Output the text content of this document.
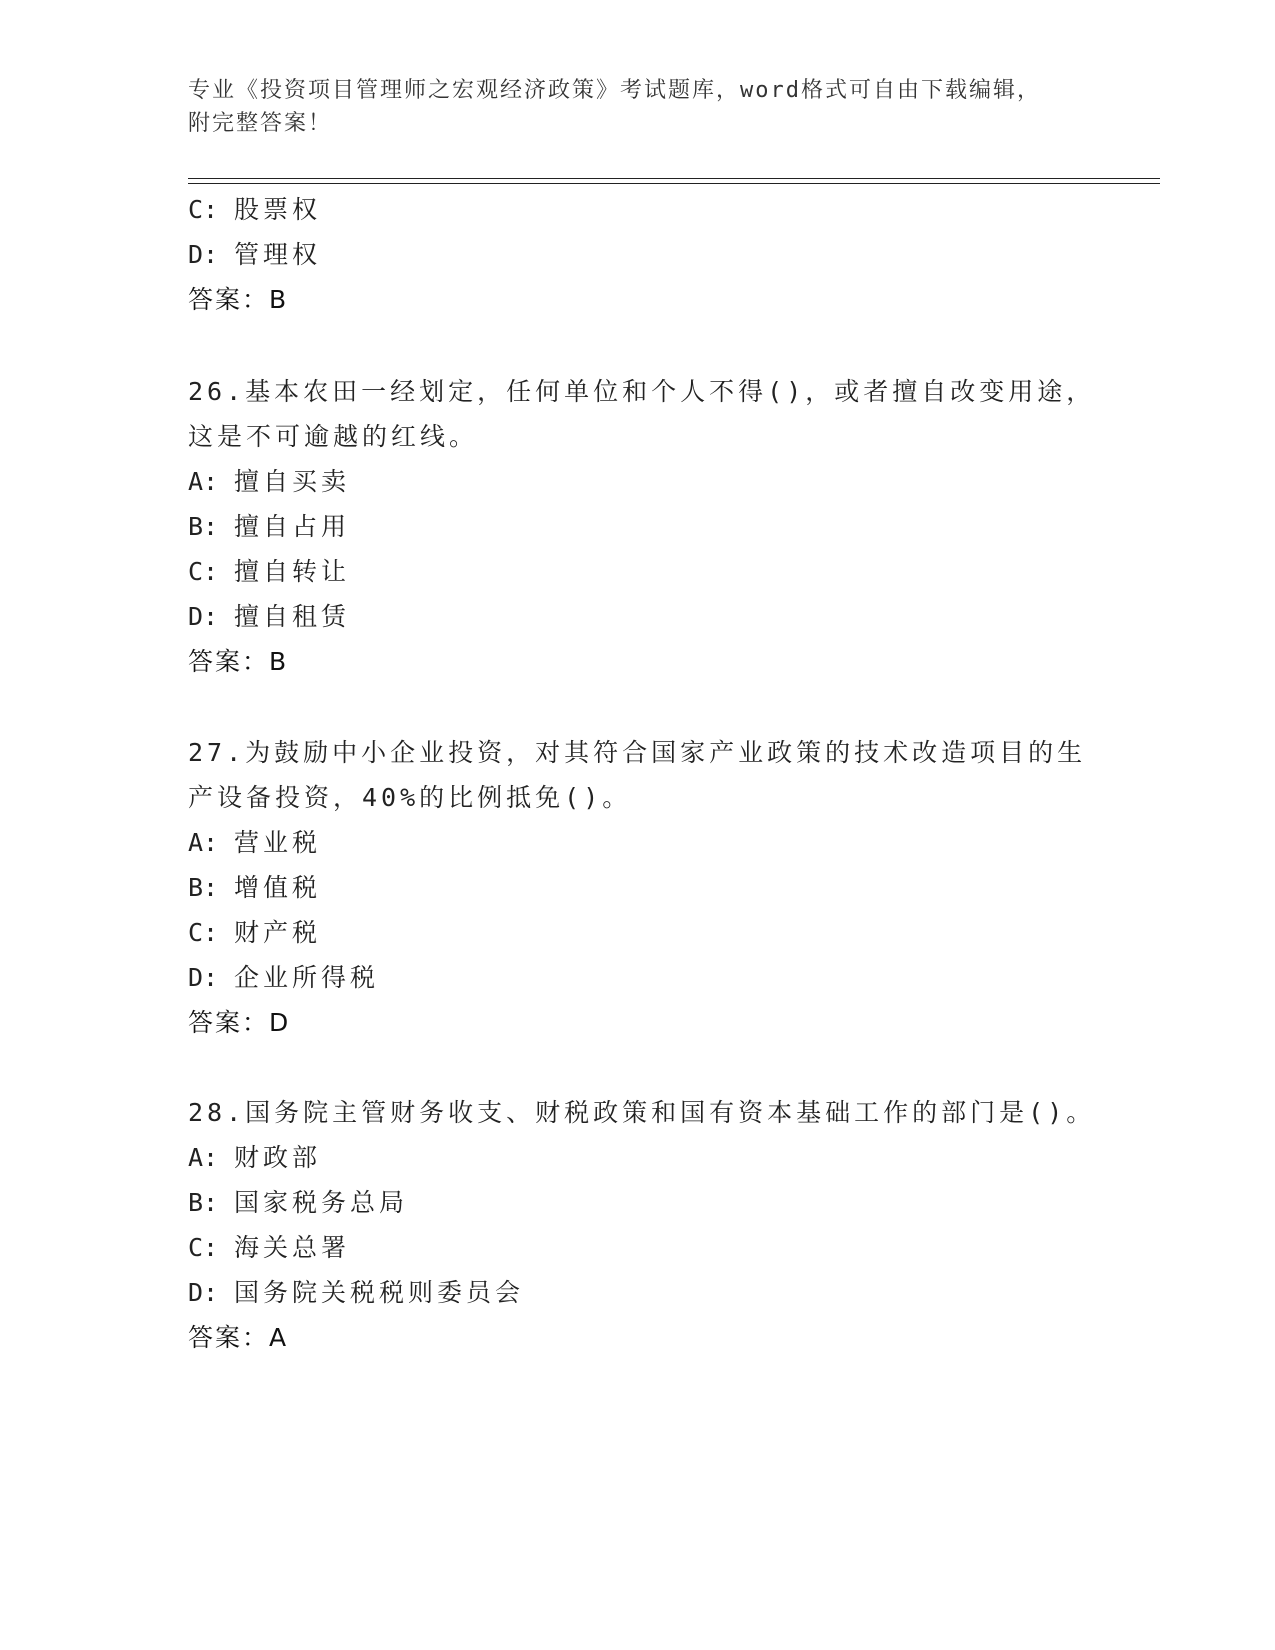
专业《投资项目管理师之宏观经济政策》考试题库，word格式可自由下载编辑，
附完整答案！
C: 股票权
D: 管理权
答案：B
26.基本农田一经划定，任何单位和个人不得()，或者擅自改变用途，
这是不可逾越的红线。
A: 擅自买卖
B: 擅自占用
C: 擅自转让
D: 擅自租赁
答案：B
27.为鼓励中小企业投资，对其符合国家产业政策的技术改造项目的生
产设备投资，40%的比例抵免()。
A: 营业税
B: 增值税
C: 财产税
D: 企业所得税
答案：D
28.国务院主管财务收支、财税政策和国有资本基础工作的部门是()。
A: 财政部
B: 国家税务总局
C: 海关总署
D: 国务院关税税则委员会
答案：A
